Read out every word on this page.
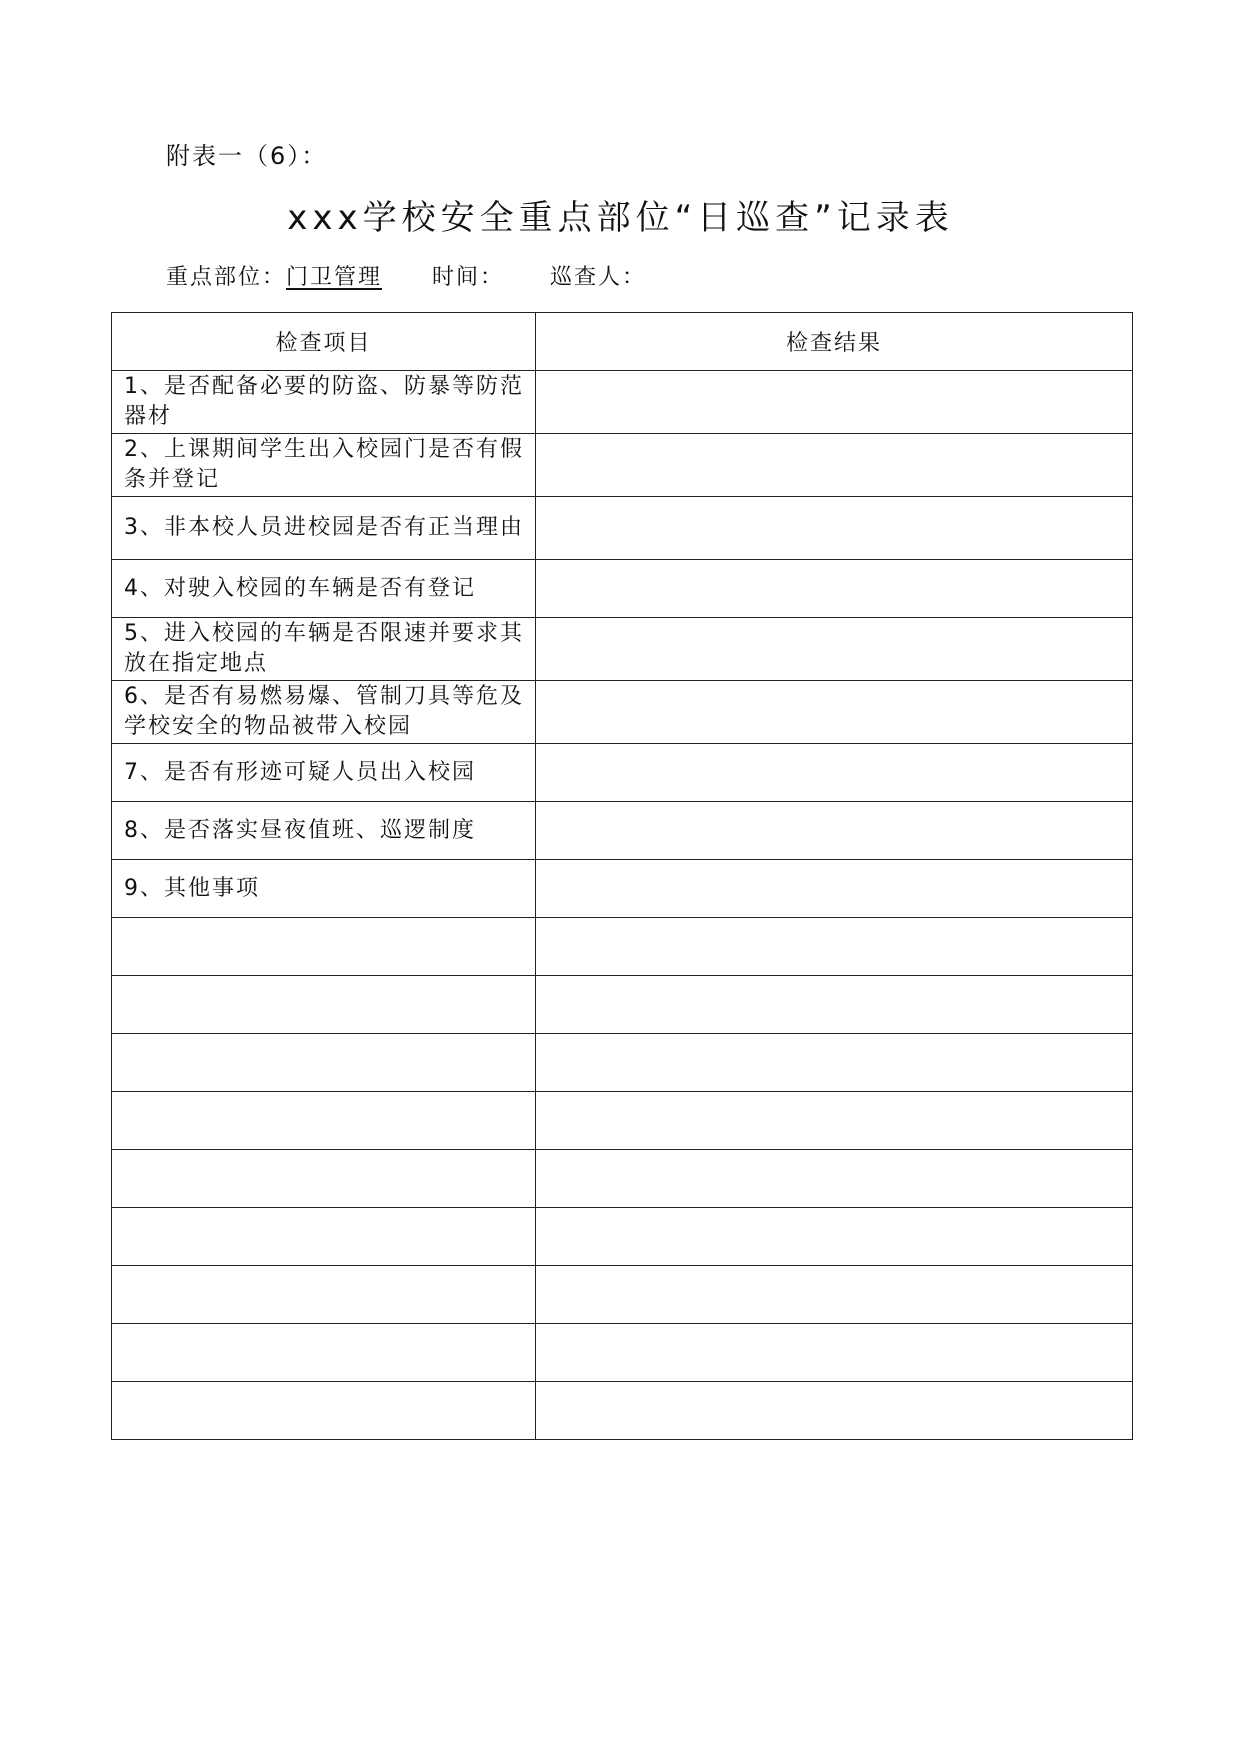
附表一（6）：
xxx学校安全重点部位“日巡查”记录表
重点部位：门卫管理 时间： 巡查人：
检查项目	检查结果
1、是否配备必要的防盗、防暴等防范器材	
2、上课期间学生出入校园门是否有假条并登记	
3、非本校人员进校园是否有正当理由	
4、对驶入校园的车辆是否有登记	
5、进入校园的车辆是否限速并要求其放在指定地点	
6、是否有易燃易爆、管制刀具等危及学校安全的物品被带入校园	
7、是否有形迹可疑人员出入校园	
8、是否落实昼夜值班、巡逻制度	
9、其他事项	
